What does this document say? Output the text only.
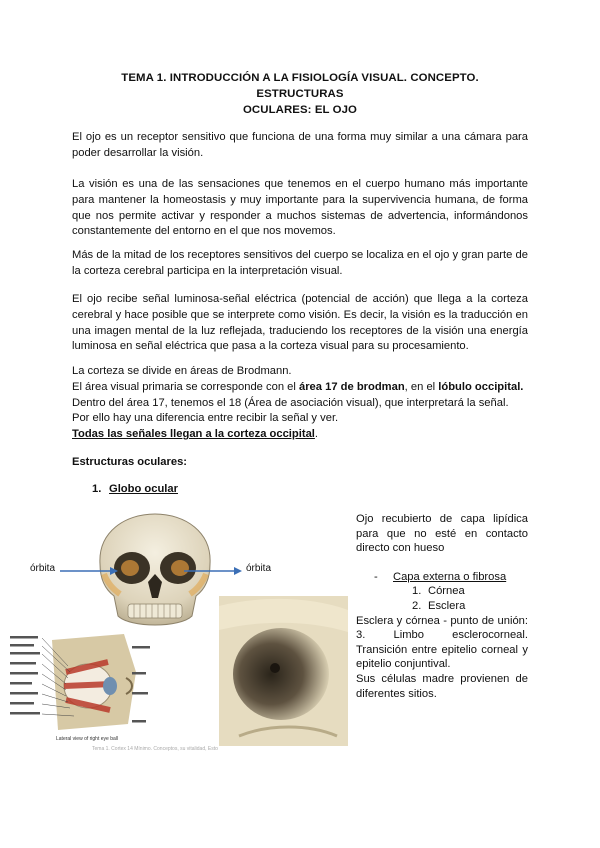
TEMA 1. INTRODUCCIÓN A LA FISIOLOGÍA VISUAL. CONCEPTO. ESTRUCTURAS
OCULARES: EL OJO

El ojo es un receptor sensitivo que funciona de una forma muy similar a una cámara para poder desarrollar la visión.

La visión es una de las sensaciones que tenemos en el cuerpo humano más importante para mantener la homeostasis y muy importante para la supervivencia humana, de forma que nos permite activar y responder a muchos sistemas de advertencia, informándonos constantemente del entorno en el que nos movemos.

Más de la mitad de los receptores sensitivos del cuerpo se localiza en el ojo y gran parte de la corteza cerebral participa en la interpretación visual.

El ojo recibe señal luminosa-señal eléctrica (potencial de acción) que llega a la corteza cerebral y hace posible que se interprete como visión. Es decir, la visión es la traducción en una imagen mental de la luz reflejada, traduciendo los receptores de la visión una energía luminosa en señal eléctrica que pasa a la corteza visual para su procesamiento.

La corteza se divide en áreas de Brodmann.
El área visual primaria se corresponde con el área 17 de brodman, en el lóbulo occipital.
Dentro del área 17, tenemos el 18 (Área de asociación visual), que interpretará la señal.
Por ello hay una diferencia entre recibir la señal y ver.
Todas las señales llegan a la corteza occipital.
Estructuras oculares:
1. Globo ocular
órbita	órbita
Lateral view of right eye ball
Tema 1. Cortex 14 Mínimo. Conceptos, su vitalidad, Esto

Ojo recubierto de capa lipídica para que no esté en contacto directo con hueso

- Capa externa o fibrosa
1. Córnea
2. Esclera

Esclera y córnea - punto de unión: 3. Limbo esclerocorneal. Transición entre epitelio corneal y epitelio conjuntival.

Sus células madre provienen de diferentes sitios.
